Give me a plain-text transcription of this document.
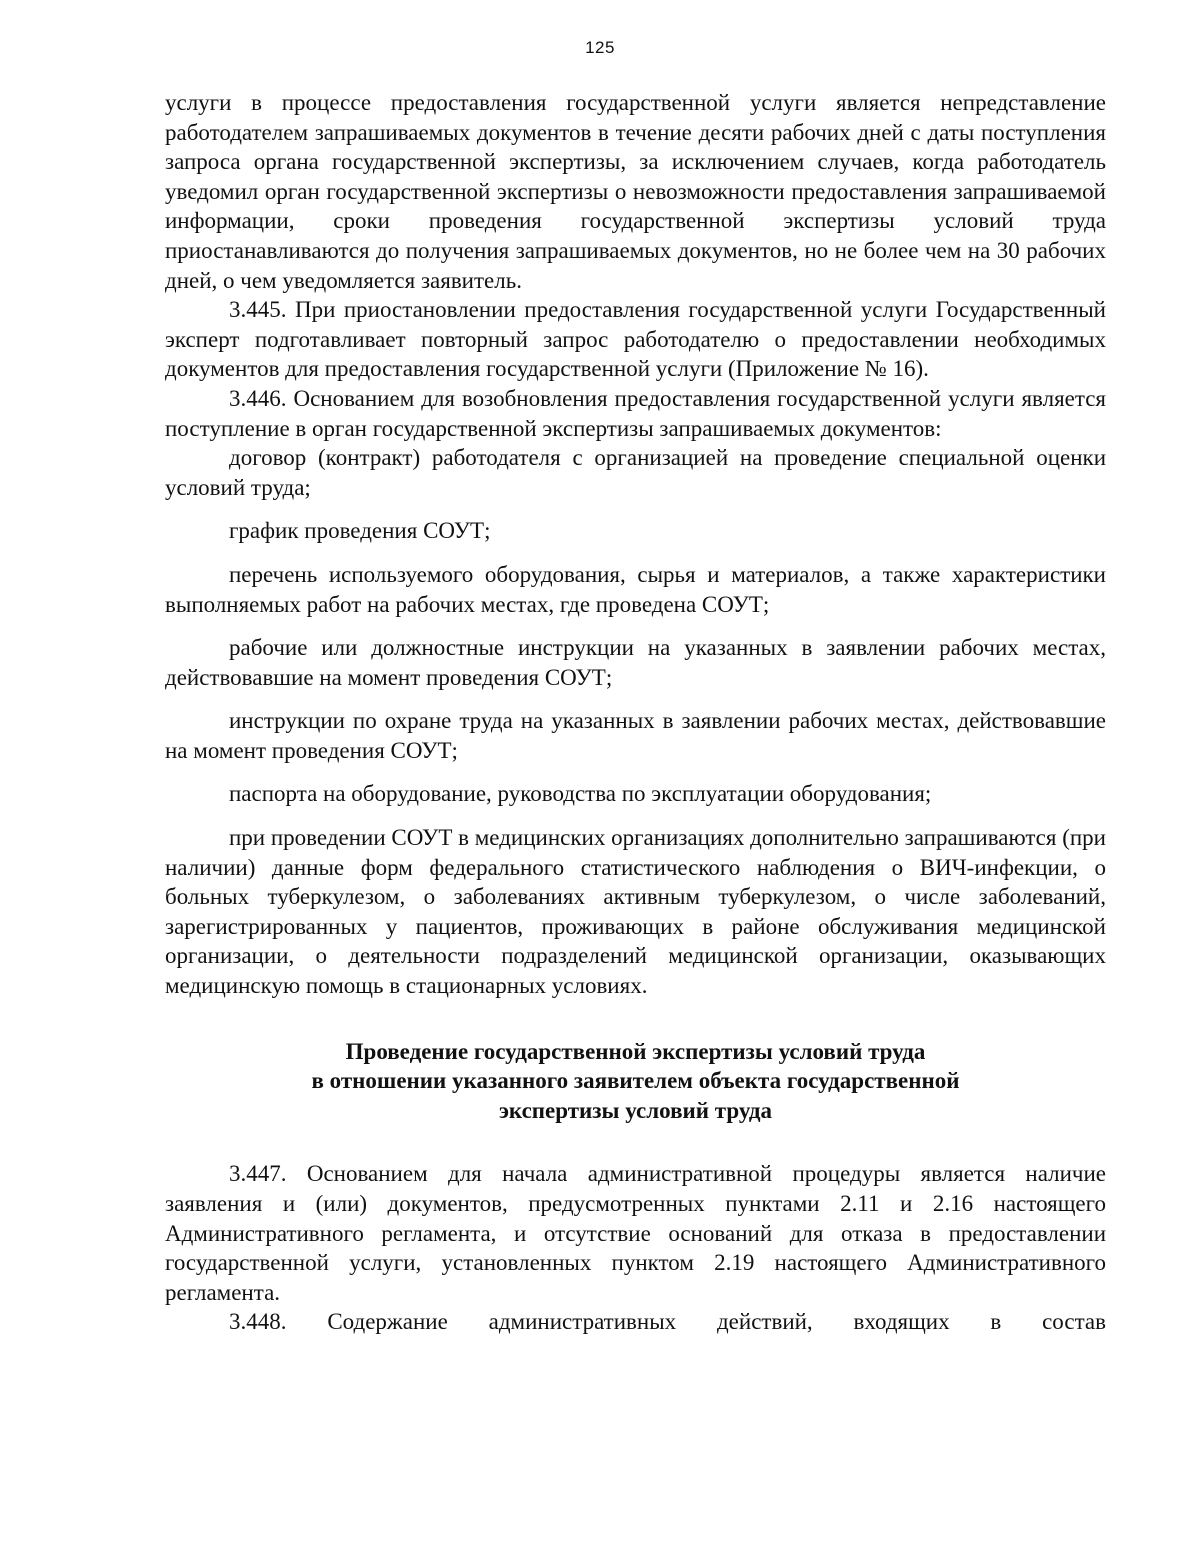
125

услуги в процессе предоставления государственной услуги является непредставление работодателем запрашиваемых документов в течение десяти рабочих дней с даты поступления запроса органа государственной экспертизы, за исключением случаев, когда работодатель уведомил орган государственной экспертизы о невозможности предоставления запрашиваемой информации, сроки проведения государственной экспертизы условий труда приостанавливаются до получения запрашиваемых документов, но не более чем на 30 рабочих дней, о чем уведомляется заявитель.

3.445. При приостановлении предоставления государственной услуги Государственный эксперт подготавливает повторный запрос работодателю о предоставлении необходимых документов для предоставления государственной услуги (Приложение № 16).

3.446. Основанием для возобновления предоставления государственной услуги является поступление в орган государственной экспертизы запрашиваемых документов:

договор (контракт) работодателя с организацией на проведение специальной оценки условий труда;

график проведения СОУТ;

перечень используемого оборудования, сырья и материалов, а также характеристики выполняемых работ на рабочих местах, где проведена СОУТ;

рабочие или должностные инструкции на указанных в заявлении рабочих местах, действовавшие на момент проведения СОУТ;

инструкции по охране труда на указанных в заявлении рабочих местах, действовавшие на момент проведения СОУТ;

паспорта на оборудование, руководства по эксплуатации оборудования;

при проведении СОУТ в медицинских организациях дополнительно запрашиваются (при наличии) данные форм федерального статистического наблюдения о ВИЧ-инфекции, о больных туберкулезом, о заболеваниях активным туберкулезом, о числе заболеваний, зарегистрированных у пациентов, проживающих в районе обслуживания медицинской организации, о деятельности подразделений медицинской организации, оказывающих медицинскую помощь в стационарных условиях.

Проведение государственной экспертизы условий труда
в отношении указанного заявителем объекта государственной
экспертизы условий труда

3.447. Основанием для начала административной процедуры является наличие заявления и (или) документов, предусмотренных пунктами 2.11 и 2.16 настоящего Административного регламента, и отсутствие оснований для отказа в предоставлении государственной услуги, установленных пунктом 2.19 настоящего Административного регламента.

3.448. Содержание административных действий, входящих в состав
